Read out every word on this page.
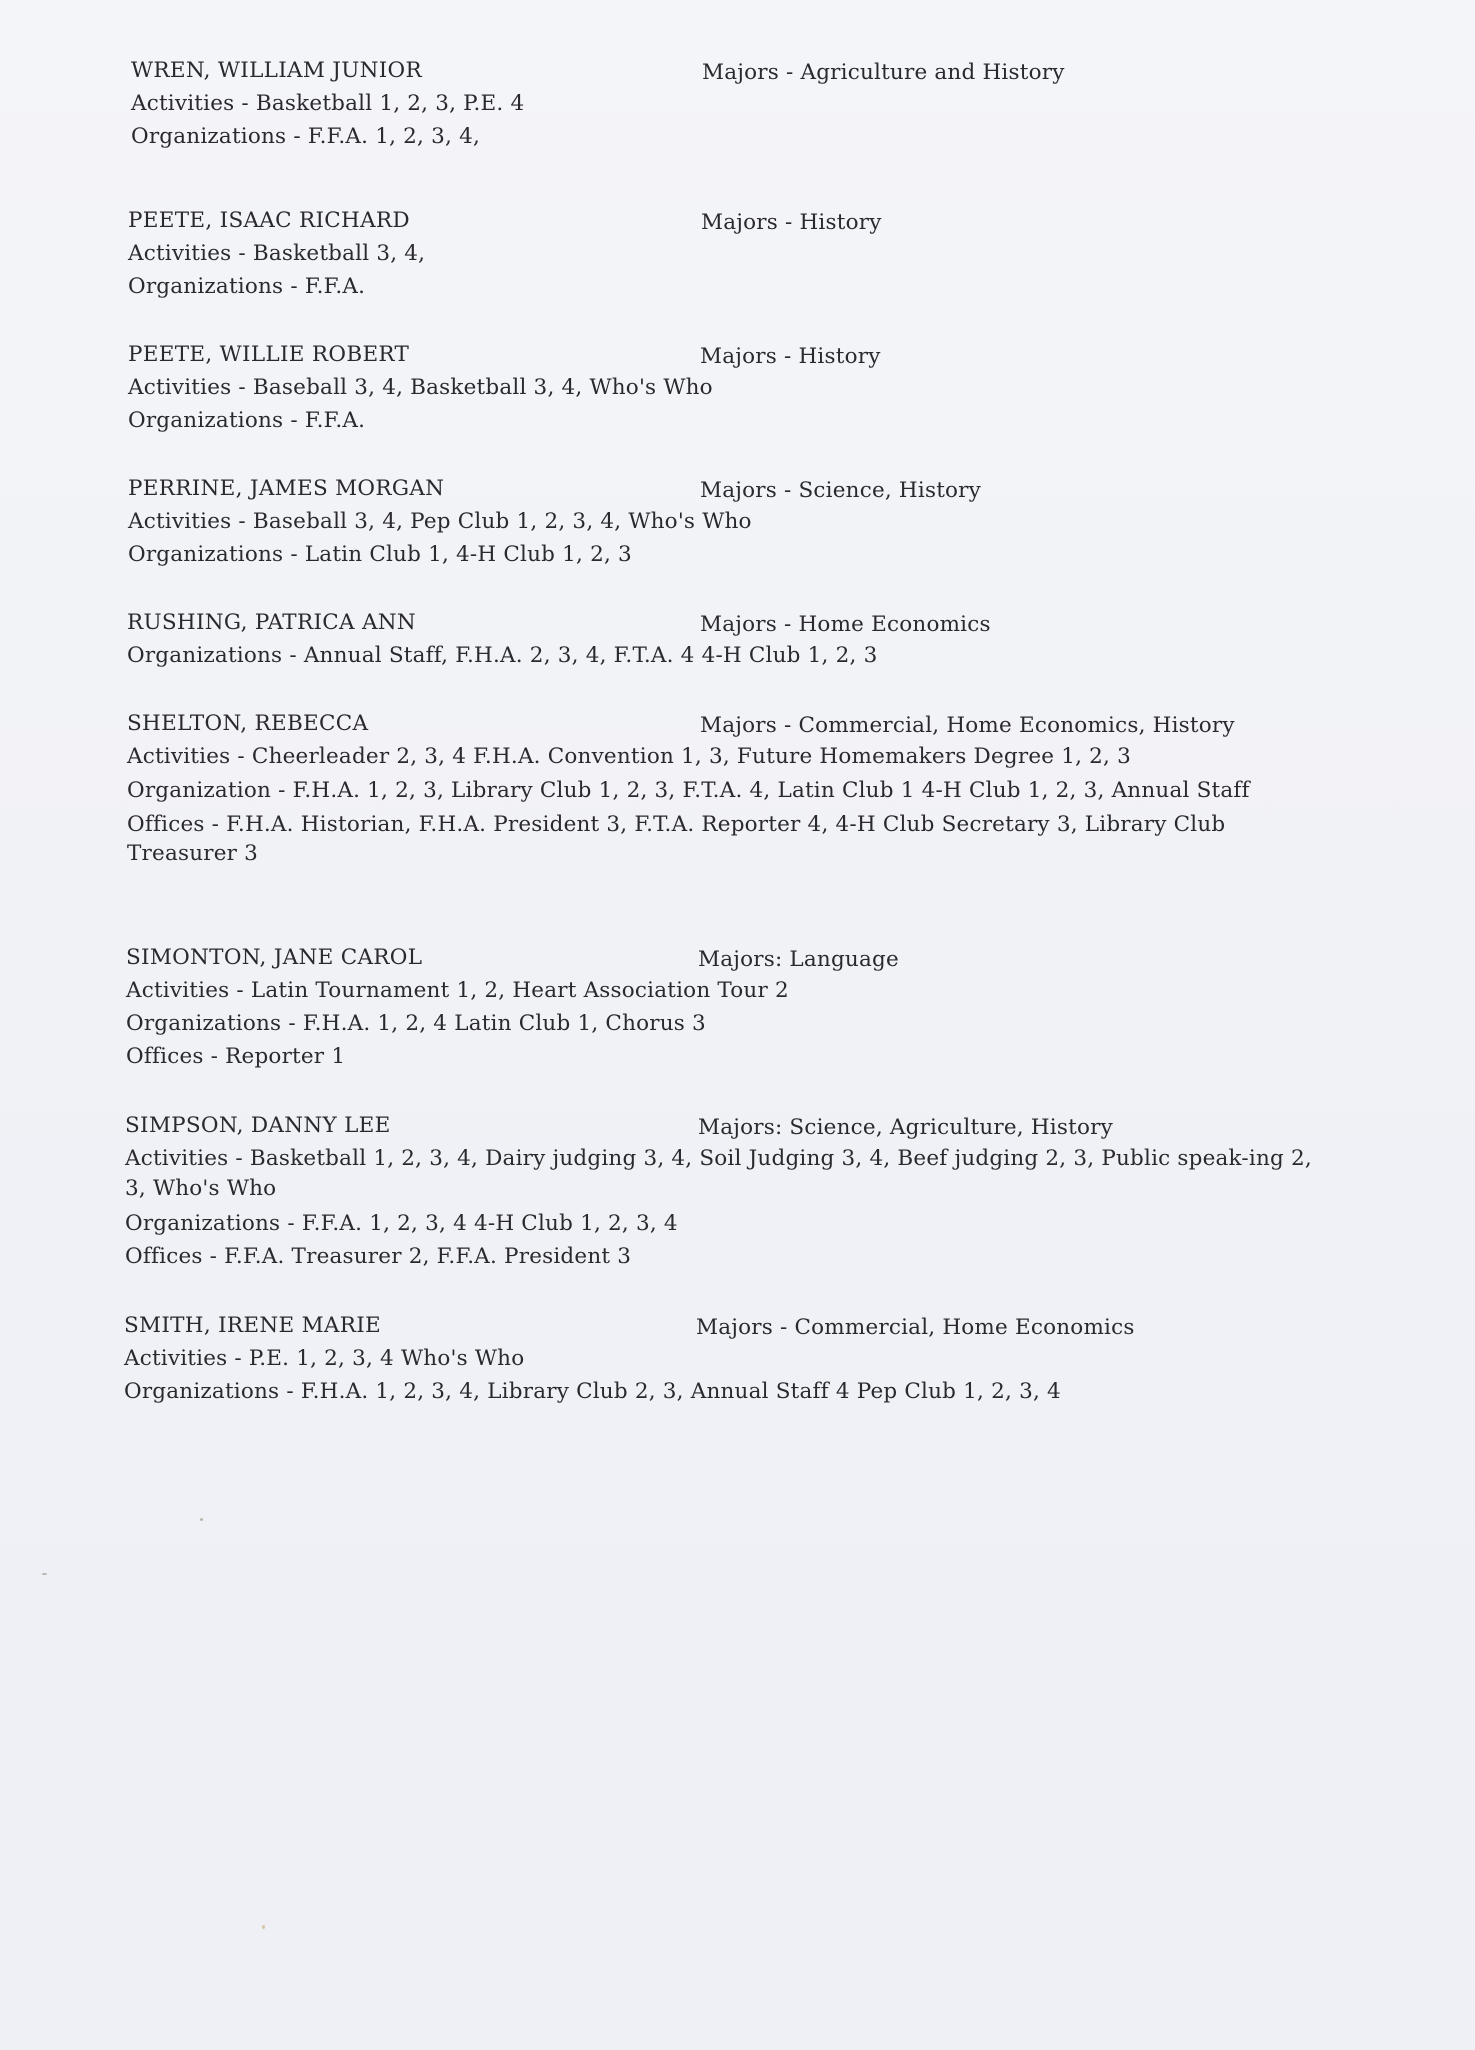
WREN, WILLIAM JUNIOR	Majors - Agriculture and History
Activities - Basketball 1, 2, 3, P.E. 4
Organizations - F.F.A. 1, 2, 3, 4,
PEETE, ISAAC RICHARD	Majors - History
Activities - Basketball 3, 4,
Organizations - F.F.A.
PEETE, WILLIE ROBERT	Majors - History
Activities - Baseball 3, 4, Basketball 3, 4, Who's Who
Organizations - F.F.A.
PERRINE, JAMES MORGAN	Majors - Science, History
Activities - Baseball 3, 4, Pep Club 1, 2, 3, 4, Who's Who
Organizations - Latin Club 1, 4-H Club 1, 2, 3
RUSHING, PATRICA ANN	Majors - Home Economics
Organizations - Annual Staff, F.H.A. 2, 3, 4, F.T.A. 4 4-H Club 1, 2, 3
SHELTON, REBECCA	Majors - Commercial, Home Economics, History
Activities - Cheerleader 2, 3, 4 F.H.A. Convention 1, 3, Future Homemakers Degree 1, 2, 3
Organization - F.H.A. 1, 2, 3, Library Club 1, 2, 3, F.T.A. 4, Latin Club 1 4-H Club 1, 2, 3, Annual Staff
Offices - F.H.A. Historian, F.H.A. President 3, F.T.A. Reporter 4, 4-H Club Secretary 3, Library Club Treasurer 3
SIMONTON, JANE CAROL	Majors: Language
Activities - Latin Tournament 1, 2, Heart Association Tour 2
Organizations - F.H.A. 1, 2, 4 Latin Club 1, Chorus 3
Offices - Reporter 1
SIMPSON, DANNY LEE	Majors: Science, Agriculture, History
Activities - Basketball 1, 2, 3, 4, Dairy judging 3, 4, Soil Judging 3, 4, Beef judging 2, 3, Public speak-ing 2, 3, Who's Who
Organizations - F.F.A. 1, 2, 3, 4 4-H Club 1, 2, 3, 4
Offices - F.F.A. Treasurer 2, F.F.A. President 3
SMITH, IRENE MARIE	Majors - Commercial, Home Economics
Activities - P.E. 1, 2, 3, 4 Who's Who
Organizations - F.H.A. 1, 2, 3, 4, Library Club 2, 3, Annual Staff 4 Pep Club 1, 2, 3, 4
